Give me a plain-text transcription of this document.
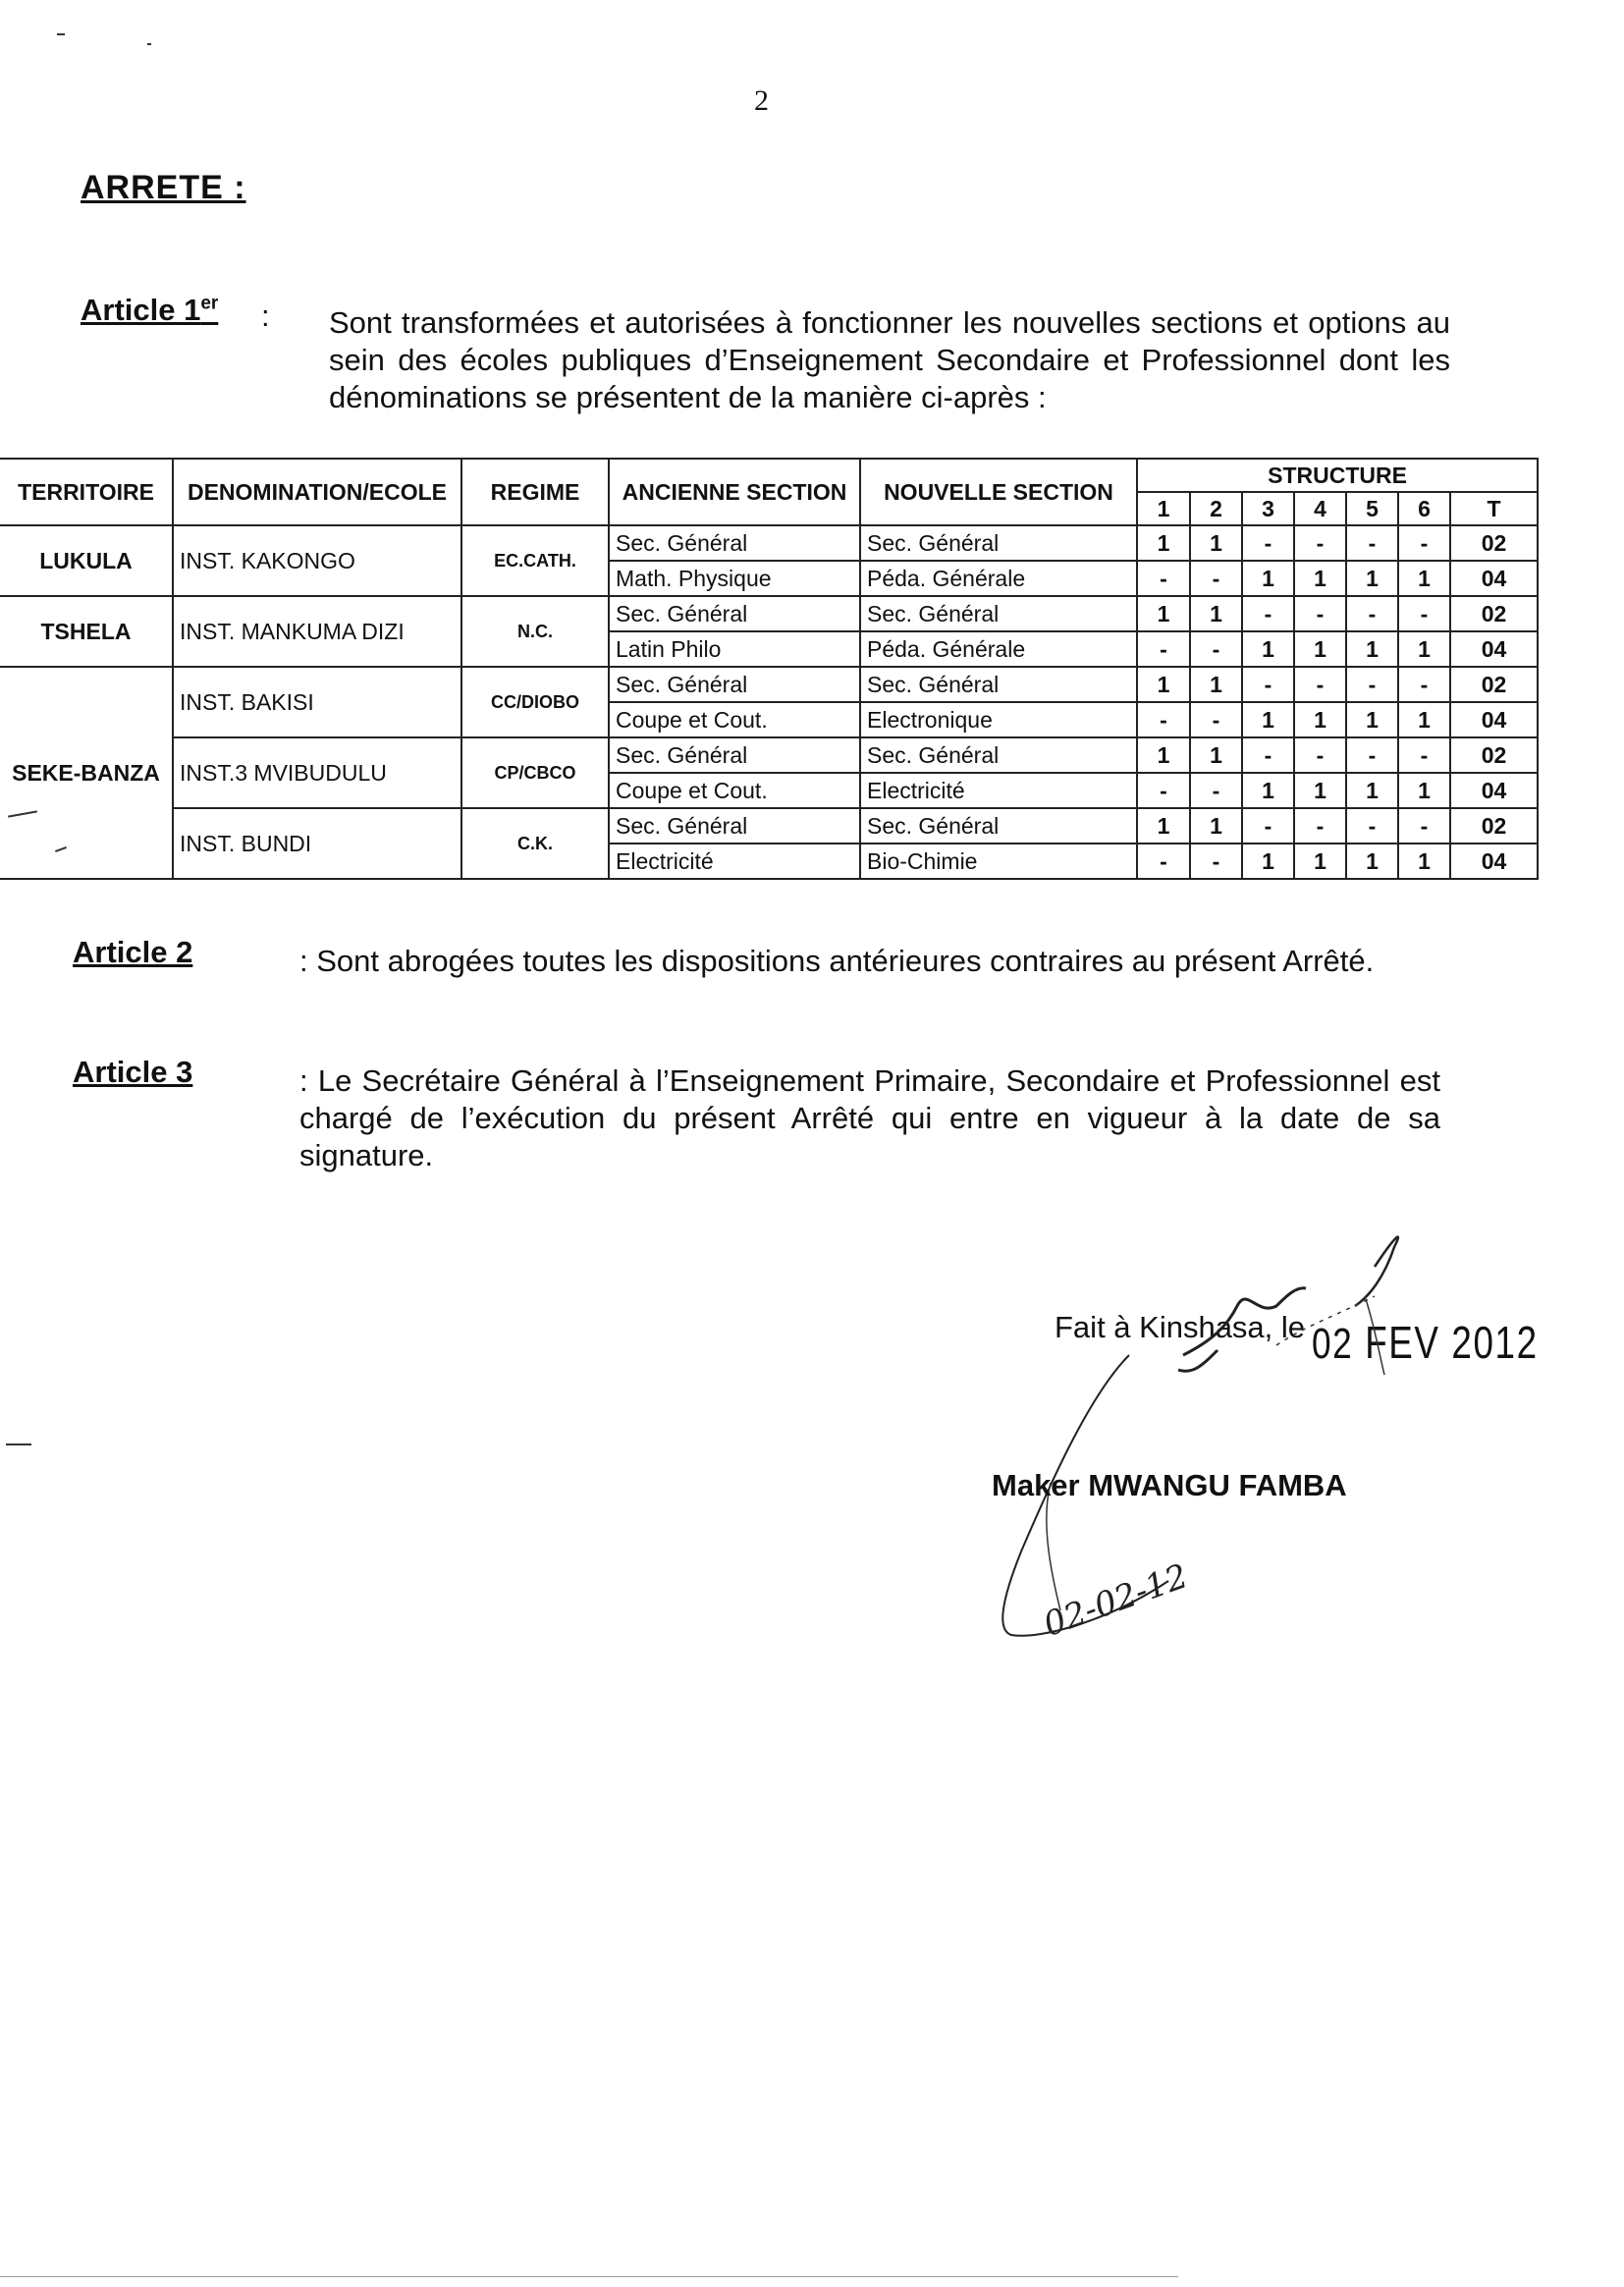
2
ARRETE :
Article 1er : Sont transformées et autorisées à fonctionner les nouvelles sections et options au sein des écoles publiques d’Enseignement Secondaire et Professionnel dont les dénominations se présentent de la manière ci-après :
TERRITOIRE	DENOMINATION/ECOLE	REGIME	ANCIENNE SECTION	NOUVELLE SECTION	STRUCTURE						
					1	2	3	4	5	6	T
LUKULA	INST. KAKONGO	EC.CATH.	Sec. Général	Sec. Général	1	1	-	-	-	-	02
			Math. Physique	Péda. Générale	-	-	1	1	1	1	04
TSHELA	INST. MANKUMA DIZI	N.C.	Sec. Général	Sec. Général	1	1	-	-	-	-	02
			Latin Philo	Péda. Générale	-	-	1	1	1	1	04
SEKE-BANZA	INST. BAKISI	CC/DIOBO	Sec. Général	Sec. Général	1	1	-	-	-	-	02
			Coupe et Cout.	Electronique	-	-	1	1	1	1	04
	INST.3 MVIBUDULU	CP/CBCO	Sec. Général	Sec. Général	1	1	-	-	-	-	02
			Coupe et Cout.	Electricité	-	-	1	1	1	1	04
	INST. BUNDI	C.K.	Sec. Général	Sec. Général	1	1	-	-	-	-	02
			Electricité	Bio-Chimie	-	-	1	1	1	1	04
Article 2	: Sont abrogées toutes les dispositions antérieures contraires au présent Arrêté.
Article 3	: Le Secrétaire Général à l’Enseignement Primaire, Secondaire et Professionnel est chargé de l’exécution du présent Arrêté qui entre en vigueur à la date de sa signature.
Fait à Kinshasa, le 02 FEV 2012
Maker MWANGU FAMBA
02-02-12
